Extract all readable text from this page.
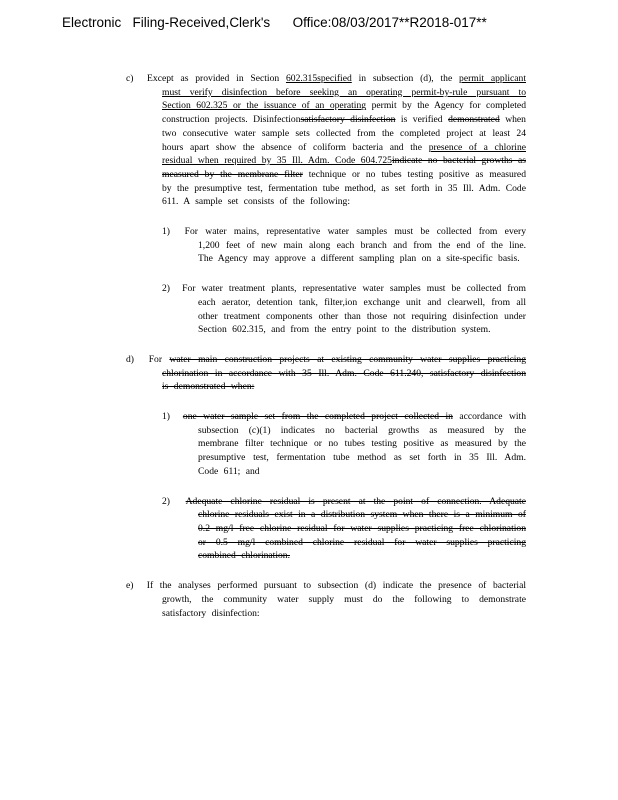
Electronic   Filing-Received,Clerk's      Office:08/03/2017**R2018-017**

c) Except as provided in Section 602.315specified in subsection (d), the permit applicant must verify disinfection before seeking an operating permit-by-rule pursuant to Section 602.325 or the issuance of an operating permit by the Agency for completed construction projects. Disinfectionsatisfactory disinfection is verified demonstrated when two consecutive water sample sets collected from the completed project at least 24 hours apart show the absence of coliform bacteria and the presence of a chlorine residual when required by 35 Ill. Adm. Code 604.725indicate no bacterial growths as measured by the membrane filter technique or no tubes testing positive as measured by the presumptive test, fermentation tube method, as set forth in 35 Ill. Adm. Code 611. A sample set consists of the following:

1) For water mains, representative water samples must be collected from every 1,200 feet of new main along each branch and from the end of the line. The Agency may approve a different sampling plan on a site-specific basis.

2) For water treatment plants, representative water samples must be collected from each aerator, detention tank, filter,ion exchange unit and clearwell, from all other treatment components other than those not requiring disinfection under Section 602.315, and from the entry point to the distribution system.

d) For water main construction projects at existing community water supplies practicing chlorination in accordance with 35 Ill. Adm. Code 611.240, satisfactory disinfection is demonstrated when:

1) one water sample set from the completed project collected in accordance with subsection (c)(1) indicates no bacterial growths as measured by the membrane filter technique or no tubes testing positive as measured by the presumptive test, fermentation tube method as set forth in 35 Ill. Adm. Code 611; and

2) Adequate chlorine residual is present at the point of connection. Adequate chlorine residuals exist in a distribution system when there is a minimum of 0.2 mg/l free chlorine residual for water supplies practicing free chlorination or 0.5 mg/l combined chlorine residual for water supplies practicing combined chlorination.

e) If the analyses performed pursuant to subsection (d) indicate the presence of bacterial growth, the community water supply must do the following to demonstrate satisfactory disinfection:
